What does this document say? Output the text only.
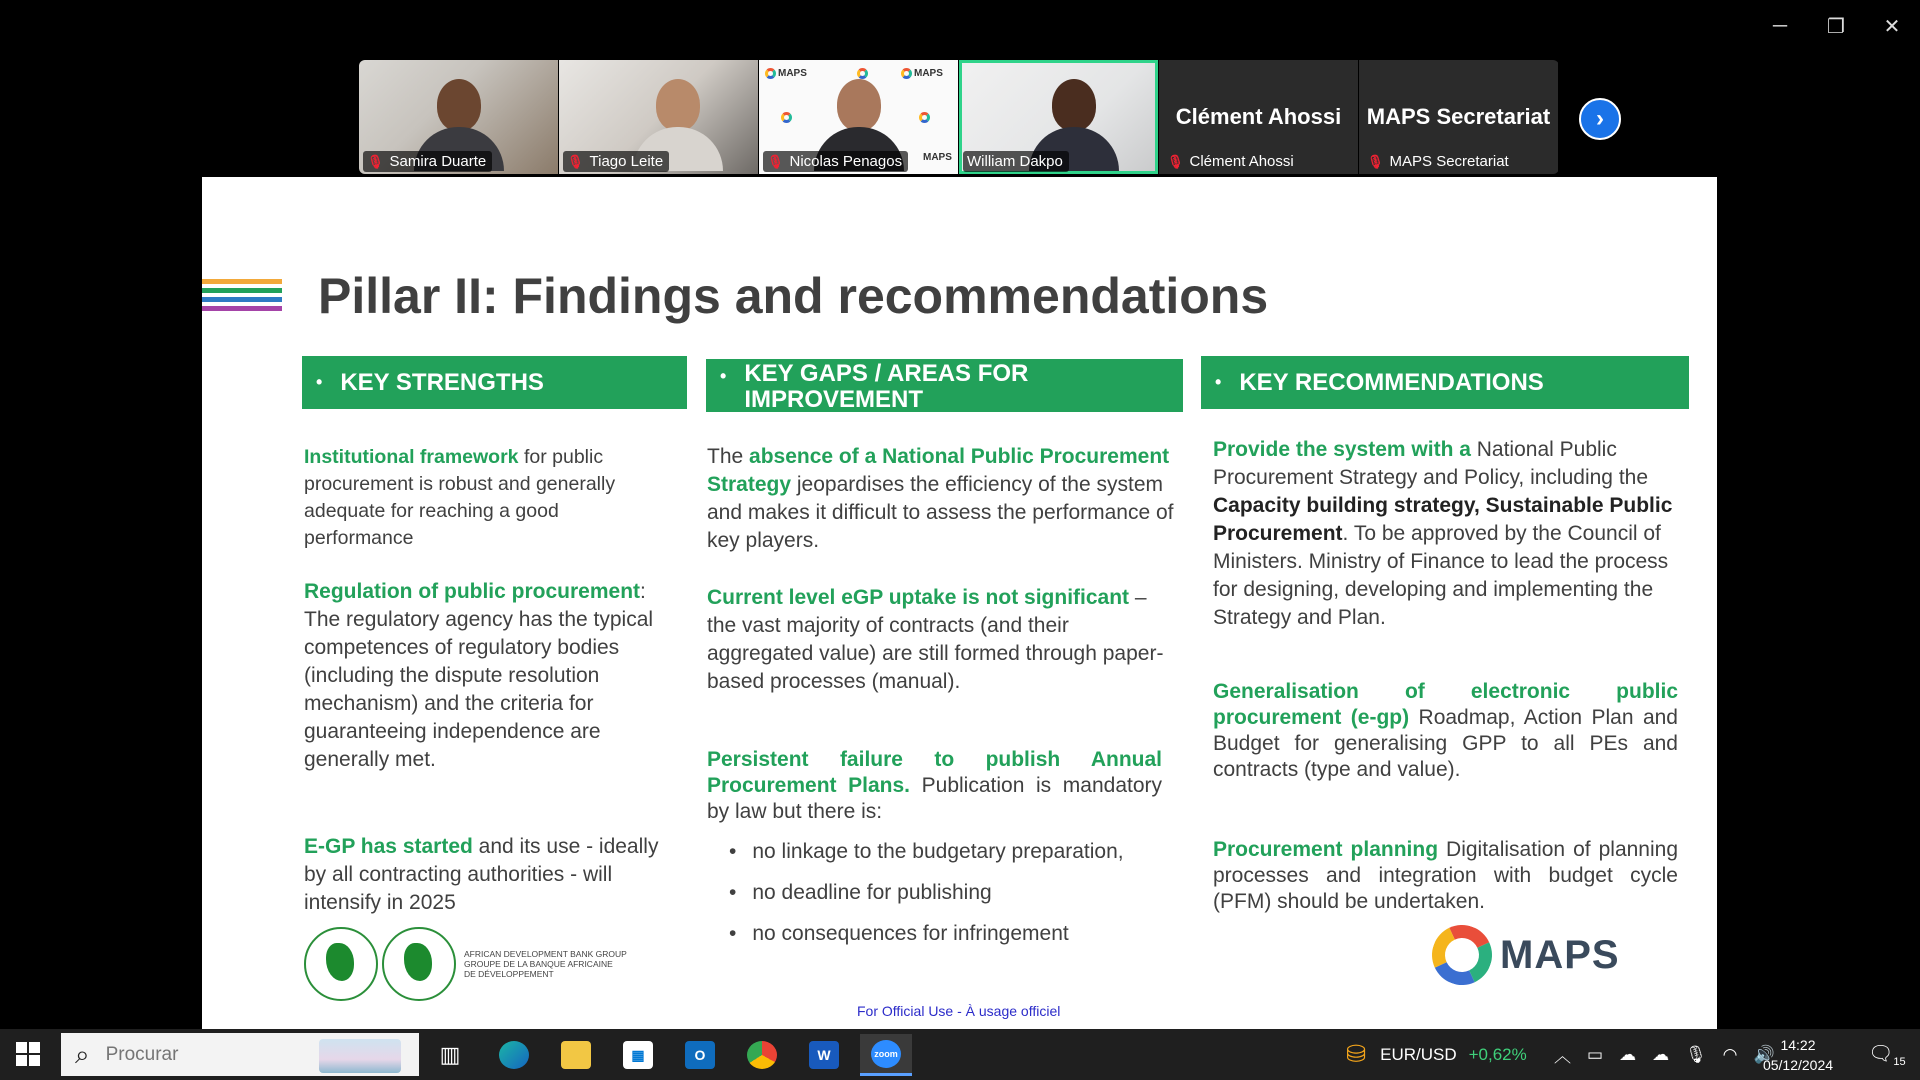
─	❐	✕
🎙 Samira Duarte	🎙 Tiago Leite
MAPS	MAPS
MAPS
🎙 Nicolas Penagos	William Dakpo
Clément Ahossi
🎙 Clément Ahossi
MAPS Secretariat
🎙 MAPS Secretariat
›
Pillar II: Findings and recommendations
• KEY STRENGTHS	• KEY GAPS / AREAS FOR IMPROVEMENT
• KEY RECOMMENDATIONS
Institutional framework for public procurement is robust and generally adequate for reaching a good performance
Regulation of public procurement: The regulatory agency has the typical competences of regulatory bodies (including the dispute resolution mechanism) and the criteria for guaranteeing independence are generally met.
E-GP has started and its use - ideally by all contracting authorities - will intensify in 2025
The absence of a National Public Procurement Strategy jeopardises the efficiency of the system and makes it difficult to assess the performance of key players.
Current level eGP uptake is not significant – the vast majority of contracts (and their aggregated value) are still formed through paper-based processes (manual).
Persistent failure to publish Annual Procurement Plans. Publication is mandatory by law but there is:
• no linkage to the budgetary preparation,
• no deadline for publishing
• no consequences for infringement
Provide the system with a National Public Procurement Strategy and Policy, including the Capacity building strategy, Sustainable Public Procurement. To be approved by the Council of Ministers. Ministry of Finance to lead the process for designing, developing and implementing the Strategy and Plan.
Generalisation of electronic public procurement (e-gp) Roadmap, Action Plan and Budget for generalising GPP to all PEs and contracts (type and value).
Procurement planning Digitalisation of planning processes and integration with budget cycle (PFM) should be undertaken.
AFRICAN DEVELOPMENT BANK GROUP
GROUPE DE LA BANQUE AFRICAINE
DE DÉVELOPPEMENT	MAPS
For Official Use - À usage officiel
⌕
Procurar	▥	▦	O	W	zoom	⛁ EUR/USD +0,62% ︿ ▭ ☁ ☁ 🎙 ◠ 🔊 14:22
05/12/2024 $🗨_{15}$
